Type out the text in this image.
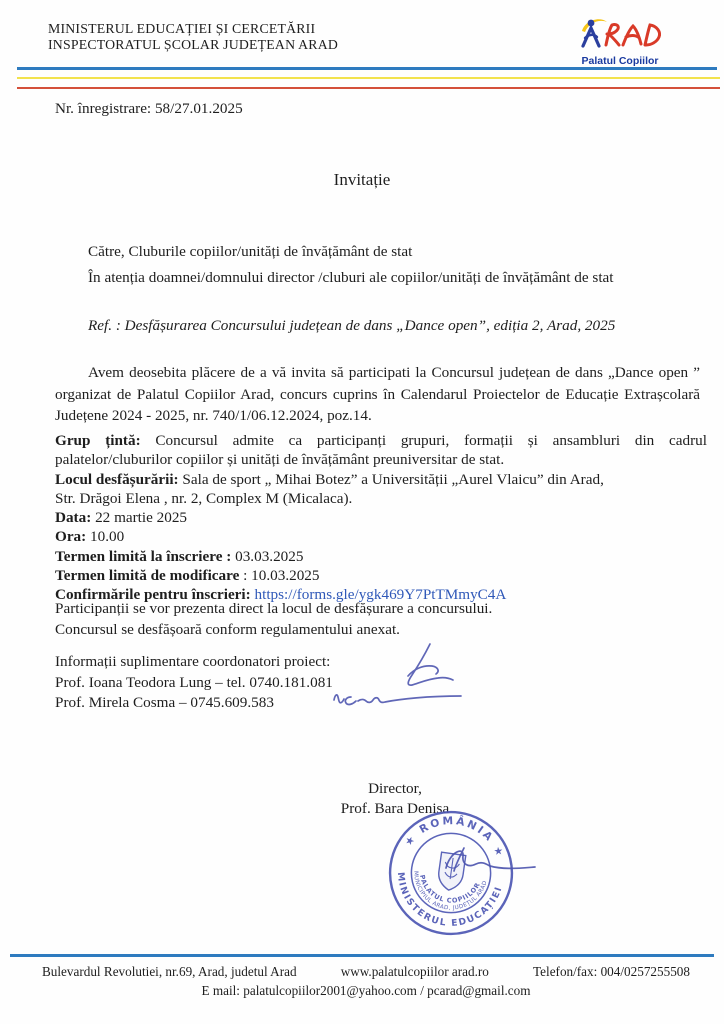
MINISTERUL EDUCAȚIEI ȘI CERCETĂRII
INSPECTORATUL ȘCOLAR JUDEȚEAN ARAD
Palatul Copiilor
Nr. înregistrare: 58/27.01.2025
Invitație
Către, Cluburile copiilor/unități de învățământ de stat
În atenția doamnei/domnului director /cluburi ale copiilor/unități de învățământ de stat
Ref. : Desfășurarea Concursului județean de dans „Dance open”, ediția 2, Arad, 2025
Avem deosebita plăcere de a vă invita să participati la Concursul județean de dans „Dance open ” organizat de Palatul Copiilor Arad, concurs cuprins în Calendarul Proiectelor de Educație Extrașcolară Județene 2024 - 2025, nr. 740/1/06.12.2024, poz.14.
Grup țintă: Concursul admite ca participanți grupuri, formații și ansambluri din cadrul palatelor/cluburilor copiilor și unități de învățământ preuniversitar de stat.
Locul desfășurării: Sala de sport „ Mihai Botez” a Universității „Aurel Vlaicu” din Arad,
Str. Drăgoi Elena , nr. 2, Complex M (Micalaca).
Data: 22 martie 2025
Ora: 10.00
Termen limită la înscriere : 03.03.2025
Termen limită de modificare : 10.03.2025
Confirmările pentru înscrieri: https://forms.gle/ygk469Y7PtTMmyC4A
Participanții se vor prezenta direct la locul de desfășurare a concursului.
Concursul se desfășoară conform regulamentului anexat.
Informații suplimentare coordonatori proiect:
Prof. Ioana Teodora Lung – tel. 0740.181.081
Prof. Mirela Cosma – 0745.609.583
Director,
Prof. Bara Denisa
★ ROMÂNIA ★
MINISTERUL EDUCAȚIEI
MUNICIPIUL ARAD, JUDEȚUL ARAD
PALATUL COPIILOR
Bulevardul Revolutiei, nr.69, Arad, judetul Arad	www.palatulcopiilor arad.ro	Telefon/fax: 004/0257255508
E mail: palatulcopiilor2001@yahoo.com / pcarad@gmail.com
